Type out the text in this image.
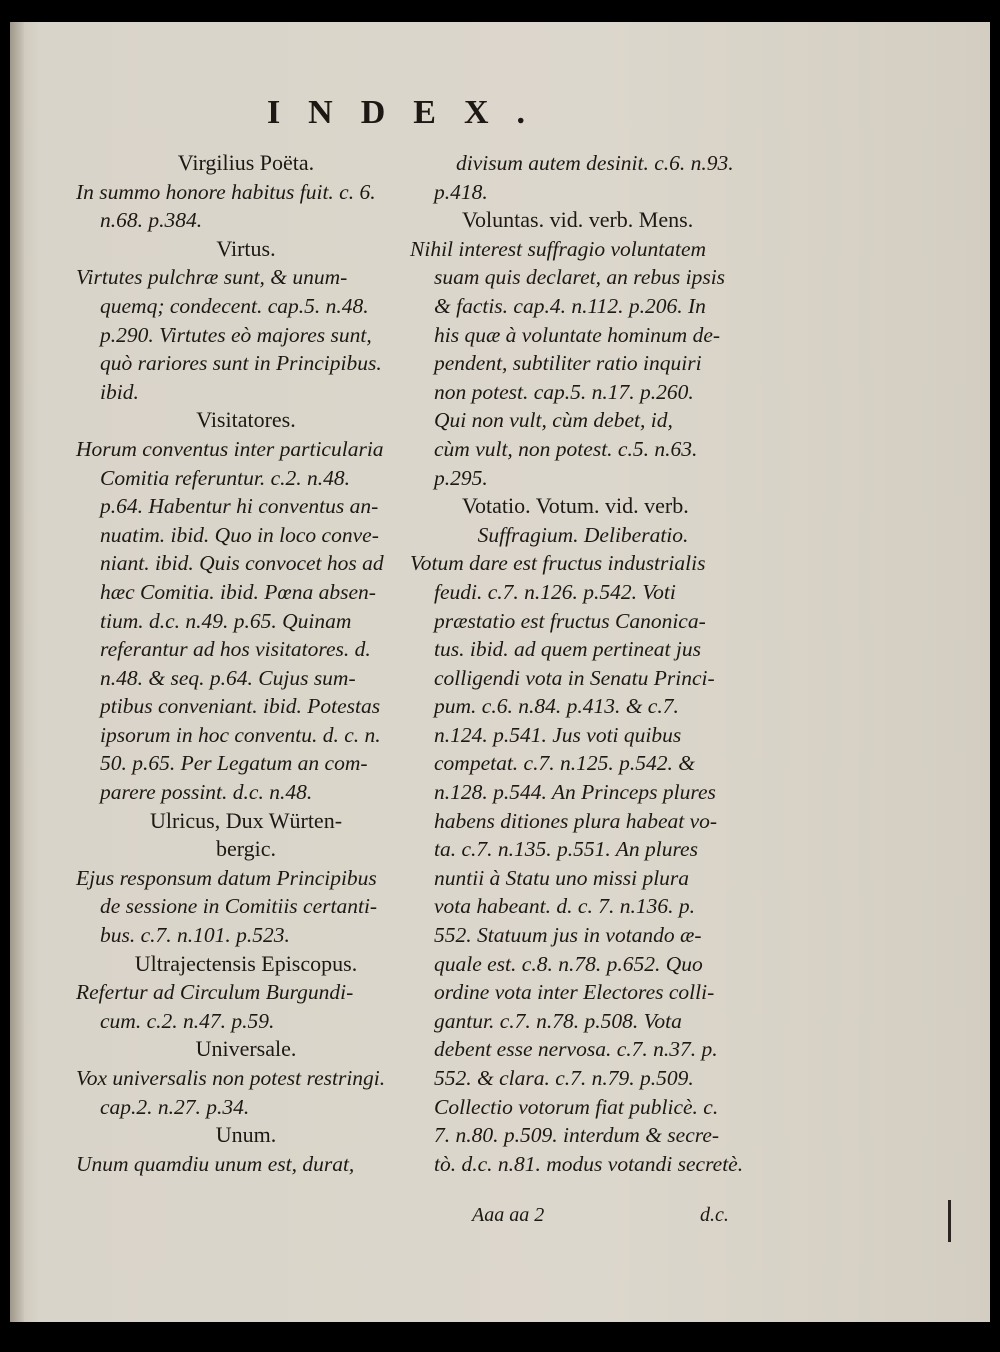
INDEX.
Virgilius Poëta.
In summo honore habitus fuit. c. 6.
n.68. p.384.
Virtus.
Virtutes pulchræ sunt, & unum-
quemq; condecent. cap.5. n.48.
p.290. Virtutes eò majores sunt,
quò rariores sunt in Principibus.
ibid.
Visitatores.
Horum conventus inter particularia
Comitia referuntur. c.2. n.48.
p.64. Habentur hi conventus an-
nuatim. ibid. Quo in loco conve-
niant. ibid. Quis convocet hos ad
hæc Comitia. ibid. Pœna absen-
tium. d.c. n.49. p.65. Quinam
referantur ad hos visitatores. d.
n.48. & seq. p.64. Cujus sum-
ptibus conveniant. ibid. Potestas
ipsorum in hoc conventu. d. c. n.
50. p.65. Per Legatum an com-
parere possint. d.c. n.48.
Ulricus, Dux Würten-
bergic.
Ejus responsum datum Principibus
de sessione in Comitiis certanti-
bus. c.7. n.101. p.523.
Ultrajectensis Episcopus.
Refertur ad Circulum Burgundi-
cum. c.2. n.47. p.59.
Universale.
Vox universalis non potest restringi.
cap.2. n.27. p.34.
Unum.
Unum quamdiu unum est, durat,
divisum autem desinit. c.6. n.93.
p.418.
Voluntas. vid. verb. Mens.
Nihil interest suffragio voluntatem
suam quis declaret, an rebus ipsis
& factis. cap.4. n.112. p.206. In
his quæ à voluntate hominum de-
pendent, subtiliter ratio inquiri
non potest. cap.5. n.17. p.260.
Qui non vult, cùm debet, id,
cùm vult, non potest. c.5. n.63.
p.295.
Votatio. Votum. vid. verb.
Suffragium. Deliberatio.
Votum dare est fructus industrialis
feudi. c.7. n.126. p.542. Voti
præstatio est fructus Canonica-
tus. ibid. ad quem pertineat jus
colligendi vota in Senatu Princi-
pum. c.6. n.84. p.413. & c.7.
n.124. p.541. Jus voti quibus
competat. c.7. n.125. p.542. &
n.128. p.544. An Princeps plures
habens ditiones plura habeat vo-
ta. c.7. n.135. p.551. An plures
nuntii à Statu uno missi plura
vota habeant. d. c. 7. n.136. p.
552. Statuum jus in votando æ-
quale est. c.8. n.78. p.652. Quo
ordine vota inter Electores colli-
gantur. c.7. n.78. p.508. Vota
debent esse nervosa. c.7. n.37. p.
552. & clara. c.7. n.79. p.509.
Collectio votorum fiat publicè. c.
7. n.80. p.509. interdum & secre-
tò. d.c. n.81. modus votandi secretè.
Aaa aa 2	d.c.
